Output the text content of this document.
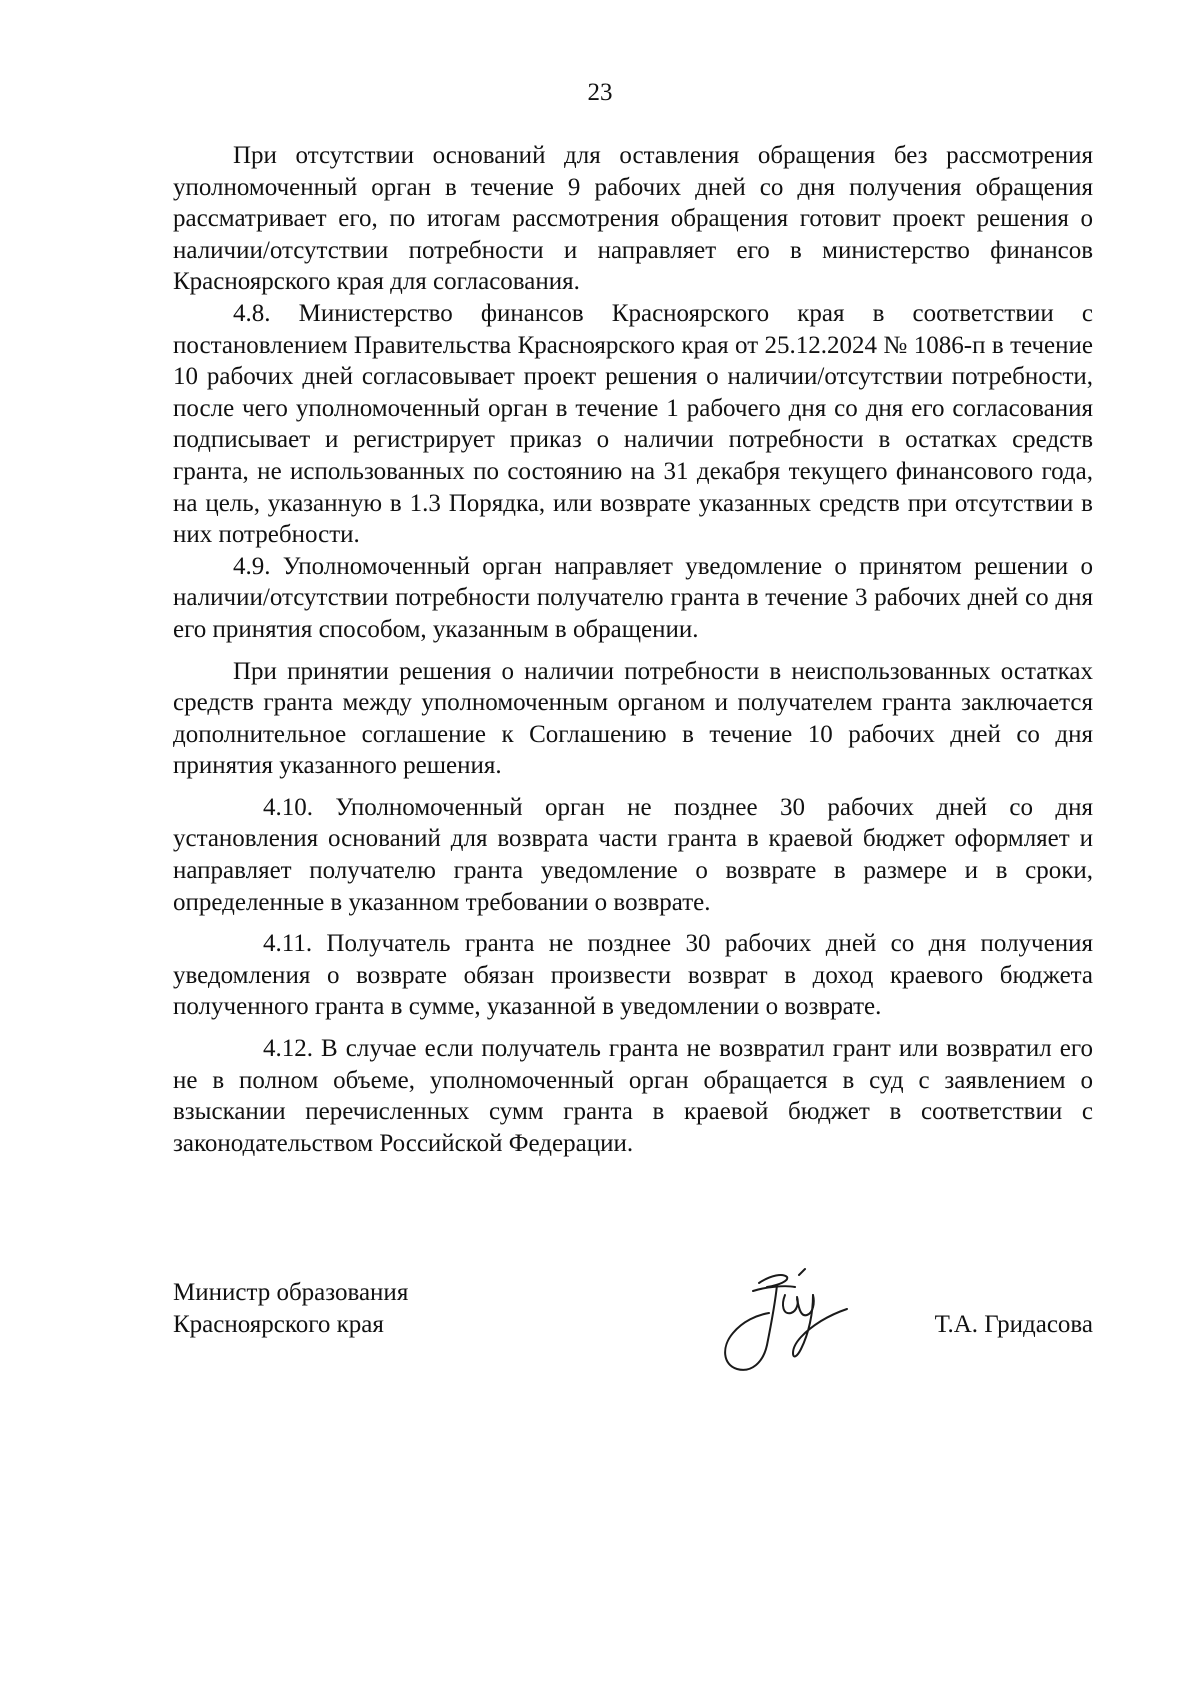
23

При отсутствии оснований для оставления обращения без рассмотрения уполномоченный орган в течение 9 рабочих дней со дня получения обращения рассматривает его, по итогам рассмотрения обращения готовит проект решения о наличии/отсутствии потребности и направляет его в министерство финансов Красноярского края для согласования.

4.8. Министерство финансов Красноярского края в соответствии с постановлением Правительства Красноярского края от 25.12.2024 № 1086-п в течение 10 рабочих дней согласовывает проект решения о наличии/отсутствии потребности, после чего уполномоченный орган в течение 1 рабочего дня со дня его согласования подписывает и регистрирует приказ о наличии потребности в остатках средств гранта, не использованных по состоянию на 31 декабря текущего финансового года, на цель, указанную в 1.3 Порядка, или возврате указанных средств при отсутствии в них потребности.

4.9. Уполномоченный орган направляет уведомление о принятом решении о наличии/отсутствии потребности получателю гранта в течение 3 рабочих дней со дня его принятия способом, указанным в обращении.

При принятии решения о наличии потребности в неиспользованных остатках средств гранта между уполномоченным органом и получателем гранта заключается дополнительное соглашение к Соглашению в течение 10 рабочих дней со дня принятия указанного решения.

4.10. Уполномоченный орган не позднее 30 рабочих дней со дня установления оснований для возврата части гранта в краевой бюджет оформляет и направляет получателю гранта уведомление о возврате в размере и в сроки, определенные в указанном требовании о возврате.

4.11. Получатель гранта не позднее 30 рабочих дней со дня получения уведомления о возврате обязан произвести возврат в доход краевого бюджета полученного гранта в сумме, указанной в уведомлении о возврате.

4.12. В случае если получатель гранта не возвратил грант или возвратил его не в полном объеме, уполномоченный орган обращается в суд с заявлением о взыскании перечисленных сумм гранта в краевой бюджет в соответствии с законодательством Российской Федерации.

Министр образования
Красноярского края	Т.А. Гридасова
